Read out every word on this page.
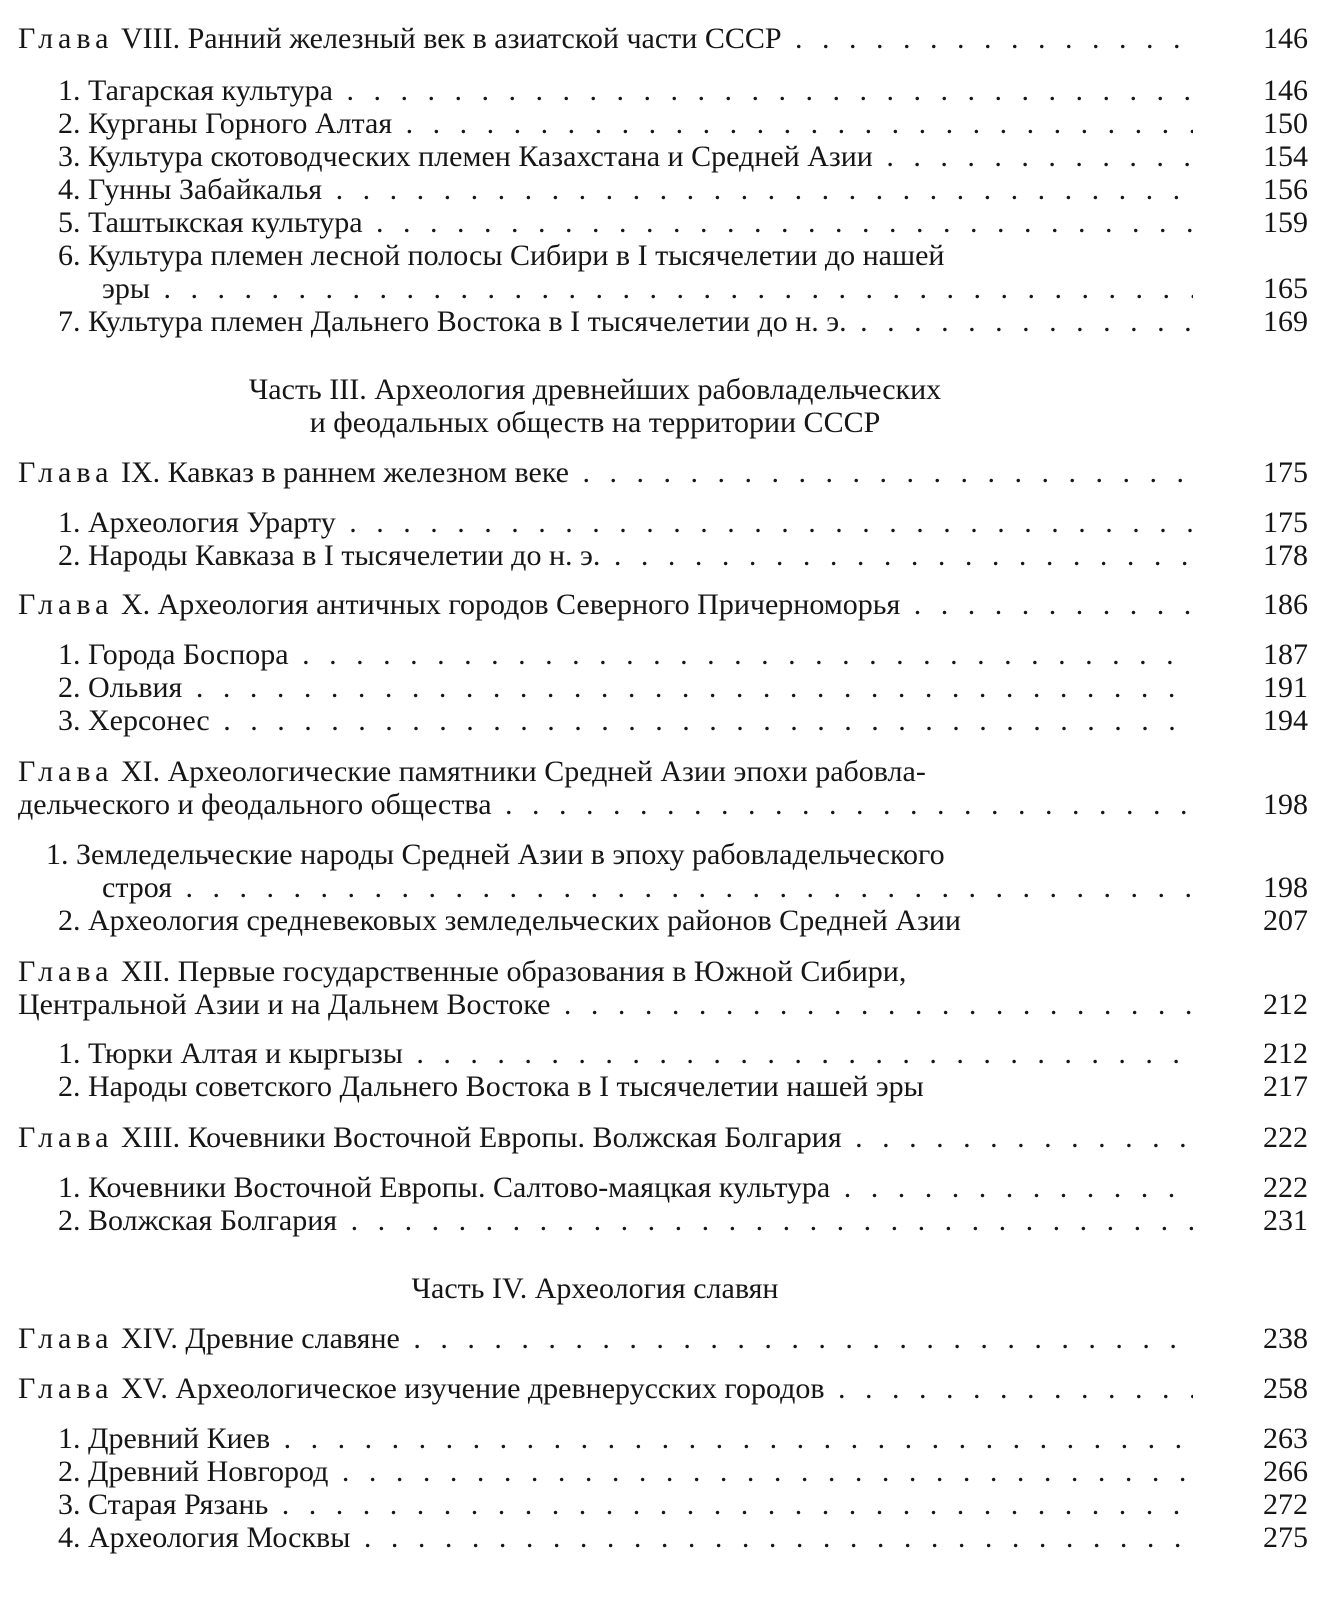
Глава VIII. Ранний железный век в азиатской части СССР . . .	146
1. Тагарская культура . . .	146
2. Курганы Горного Алтая . . .	150
3. Культура скотоводческих племен Казахстана и Средней Азии . . .	154
4. Гунны Забайкалья . . .	156
5. Таштыкская культура . . .	159
6. Культура племен лесной полосы Сибири в I тысячелетии до нашей
эры . . .	165
7. Культура племен Дальнего Востока в I тысячелетии до н. э. . . .	169
Часть III. Археология древнейших рабовладельческих
и феодальных обществ на территории СССР
Глава IX. Кавказ в раннем железном веке . . .	175
1. Археология Урарту . . .	175
2. Народы Кавказа в I тысячелетии до н. э. . . .	178
Глава X. Археология античных городов Северного Причерноморья . . .	186
1. Города Боспора . . .	187
2. Ольвия . . .	191
3. Херсонес . . .	194
Глава XI. Археологические памятники Средней Азии эпохи рабовла-
дельческого и феодального общества . . .	198
1. Земледельческие народы Средней Азии в эпоху рабовладельческого
строя . . .	198
2. Археология средневековых земледельческих районов Средней Азии	207
Глава XII. Первые государственные образования в Южной Сибири,
Центральной Азии и на Дальнем Востоке . . .	212
1. Тюрки Алтая и кыргызы . . .	212
2. Народы советского Дальнего Востока в I тысячелетии нашей эры	217
Глава XIII. Кочевники Восточной Европы. Волжская Болгария . . .	222
1. Кочевники Восточной Европы. Салтово-маяцкая культура . . .	222
2. Волжская Болгария . . .	231
Часть IV. Археология славян
Глава XIV. Древние славяне . . .	238
Глава XV. Археологическое изучение древнерусских городов . . .	258
1. Древний Киев . . .	263
2. Древний Новгород . . .	266
3. Старая Рязань . . .	272
4. Археология Москвы . . .	275
